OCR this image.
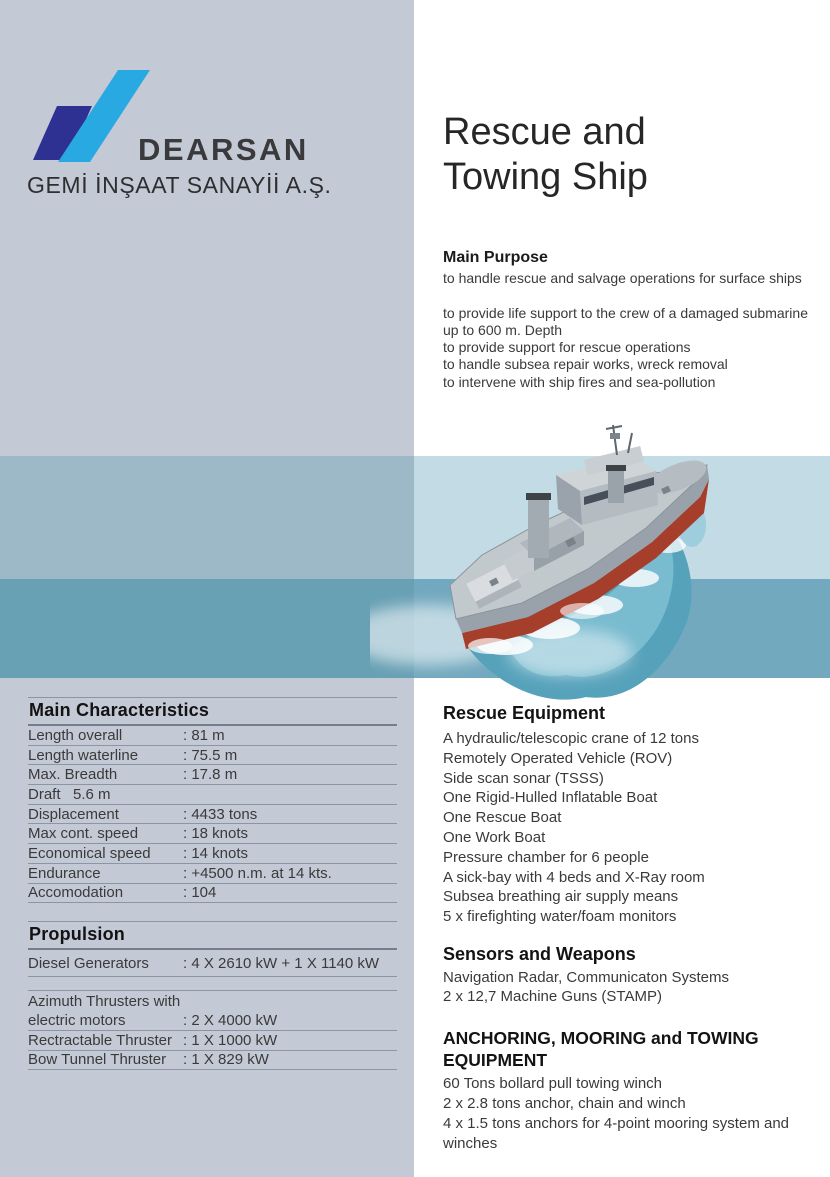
DEARSAN
GEMİ İNŞAAT SANAYİİ A.Ş.
Rescue and
Towing Ship
Main Purpose
to handle rescue and salvage operations for surface ships
to provide life support to the crew of a damaged submarine
up to 600 m. Depth
to provide support for rescue operations
to handle subsea repair works, wreck removal
to intervene with ship fires and sea-pollution
Main Characteristics
Length overall	: 81 m
Length waterline	: 75.5 m
Max. Breadth	: 17.8 m
Draft   5.6 m
Displacement	: 4433 tons
Max cont. speed	: 18 knots
Economical speed	: 14 knots
Endurance	: +4500 n.m. at 14 kts.
Accomodation	: 104
Propulsion
Diesel Generators	: 4 X 2610 kW + 1 X 1140 kW
Azimuth Thrusters with
electric motors	: 2 X 4000 kW
Rectractable Thruster : 1 X 1000 kW
Bow Tunnel Thruster	: 1 X 829 kW
Rescue Equipment
A hydraulic/telescopic crane of 12 tons
Remotely Operated Vehicle (ROV)
Side scan sonar (TSSS)
One Rigid-Hulled Inflatable Boat
One Rescue Boat
One Work Boat
Pressure chamber for 6 people
A sick-bay with 4 beds and X-Ray room
Subsea breathing air supply means
5 x firefighting water/foam monitors
Sensors and Weapons
Navigation Radar, Communicaton Systems
2 x 12,7 Machine Guns (STAMP)
ANCHORING, MOORING and TOWING
EQUIPMENT
60 Tons bollard pull towing winch
2 x 2.8 tons anchor, chain and winch
4 x 1.5 tons anchors for 4-point mooring system and winches
